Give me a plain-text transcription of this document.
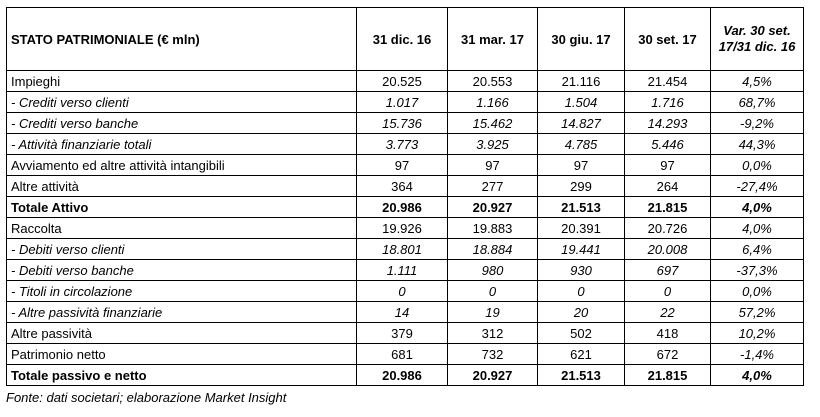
STATO PATRIMONIALE (€ mln)	31 dic. 16	31 mar. 17	30 giu. 17	30 set. 17	Var. 30 set. 17/31 dic. 16
Impieghi	20.525	20.553	21.116	21.454	4,5%
- Crediti verso clienti	1.017	1.166	1.504	1.716	68,7%
- Crediti verso banche	15.736	15.462	14.827	14.293	-9,2%
- Attività finanziarie totali	3.773	3.925	4.785	5.446	44,3%
Avviamento ed altre attività intangibili	97	97	97	97	0,0%
Altre attività	364	277	299	264	-27,4%
Totale Attivo	20.986	20.927	21.513	21.815	4,0%
Raccolta	19.926	19.883	20.391	20.726	4,0%
- Debiti verso clienti	18.801	18.884	19.441	20.008	6,4%
- Debiti verso banche	1.111	980	930	697	-37,3%
- Titoli in circolazione	0	0	0	0	0,0%
- Altre passività finanziarie	14	19	20	22	57,2%
Altre passività	379	312	502	418	10,2%
Patrimonio netto	681	732	621	672	-1,4%
Totale passivo e netto	20.986	20.927	21.513	21.815	4,0%
Fonte: dati societari; elaborazione Market Insight
